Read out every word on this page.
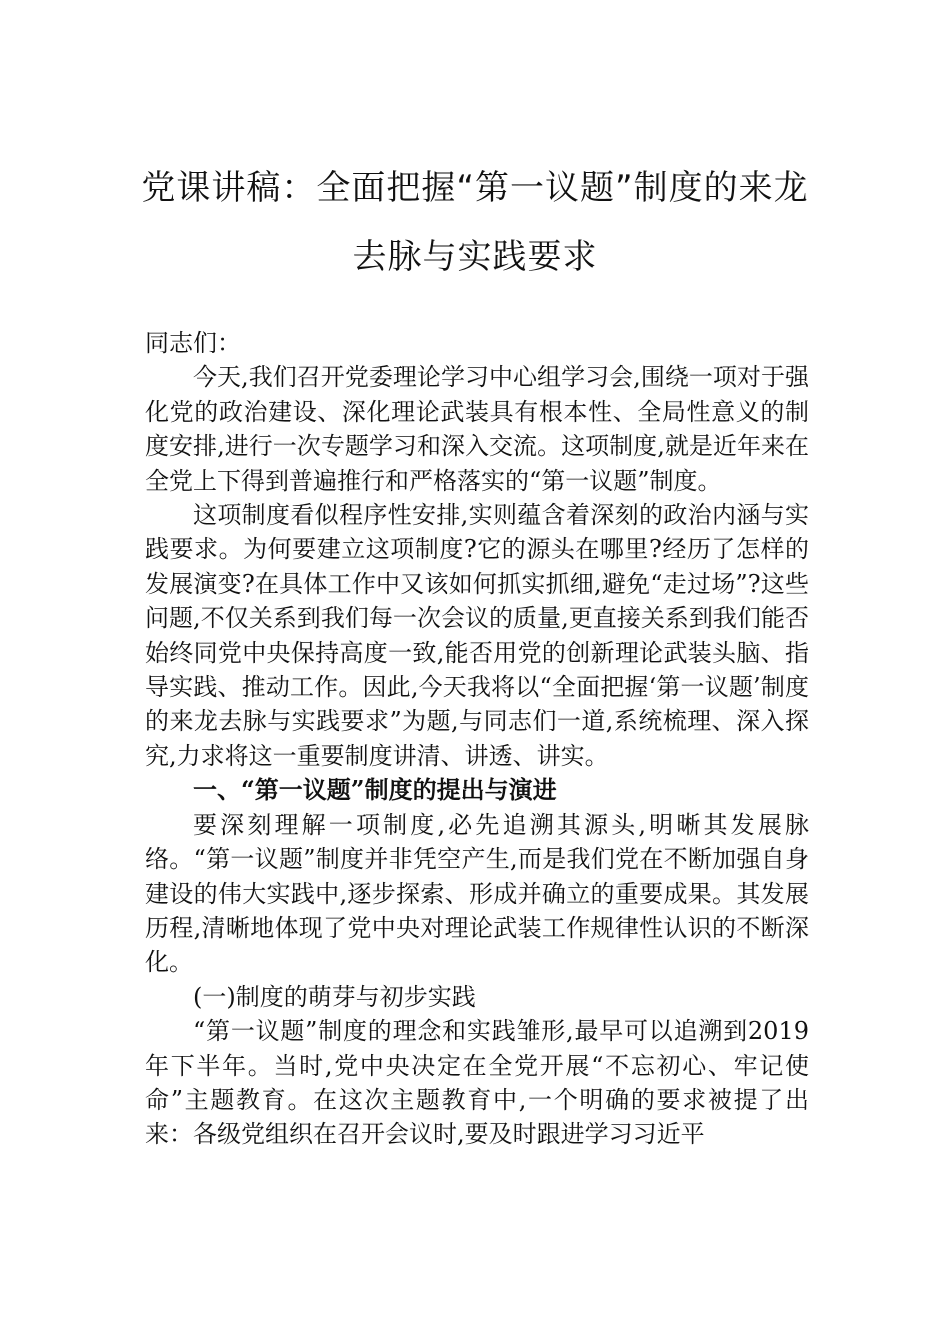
党课讲稿：全面把握“第一议题”制度的来龙
去脉与实践要求

同志们：

今天,我们召开党委理论学习中心组学习会,围绕一项对于强化党的政治建设、深化理论武装具有根本性、全局性意义的制度安排,进行一次专题学习和深入交流。这项制度,就是近年来在全党上下得到普遍推行和严格落实的“第一议题”制度。

这项制度看似程序性安排,实则蕴含着深刻的政治内涵与实践要求。为何要建立这项制度?它的源头在哪里?经历了怎样的发展演变?在具体工作中又该如何抓实抓细,避免“走过场”?这些问题,不仅关系到我们每一次会议的质量,更直接关系到我们能否始终同党中央保持高度一致,能否用党的创新理论武装头脑、指导实践、推动工作。因此,今天我将以“全面把握‘第一议题’制度的来龙去脉与实践要求”为题,与同志们一道,系统梳理、深入探究,力求将这一重要制度讲清、讲透、讲实。

一、“第一议题”制度的提出与演进

要深刻理解一项制度,必先追溯其源头,明晰其发展脉络。“第一议题”制度并非凭空产生,而是我们党在不断加强自身建设的伟大实践中,逐步探索、形成并确立的重要成果。其发展历程,清晰地体现了党中央对理论武装工作规律性认识的不断深化。

(一)制度的萌芽与初步实践

“第一议题”制度的理念和实践雏形,最早可以追溯到2019年下半年。当时,党中央决定在全党开展“不忘初心、牢记使命”主题教育。在这次主题教育中,一个明确的要求被提了出来：各级党组织在召开会议时,要及时跟进学习习近平
